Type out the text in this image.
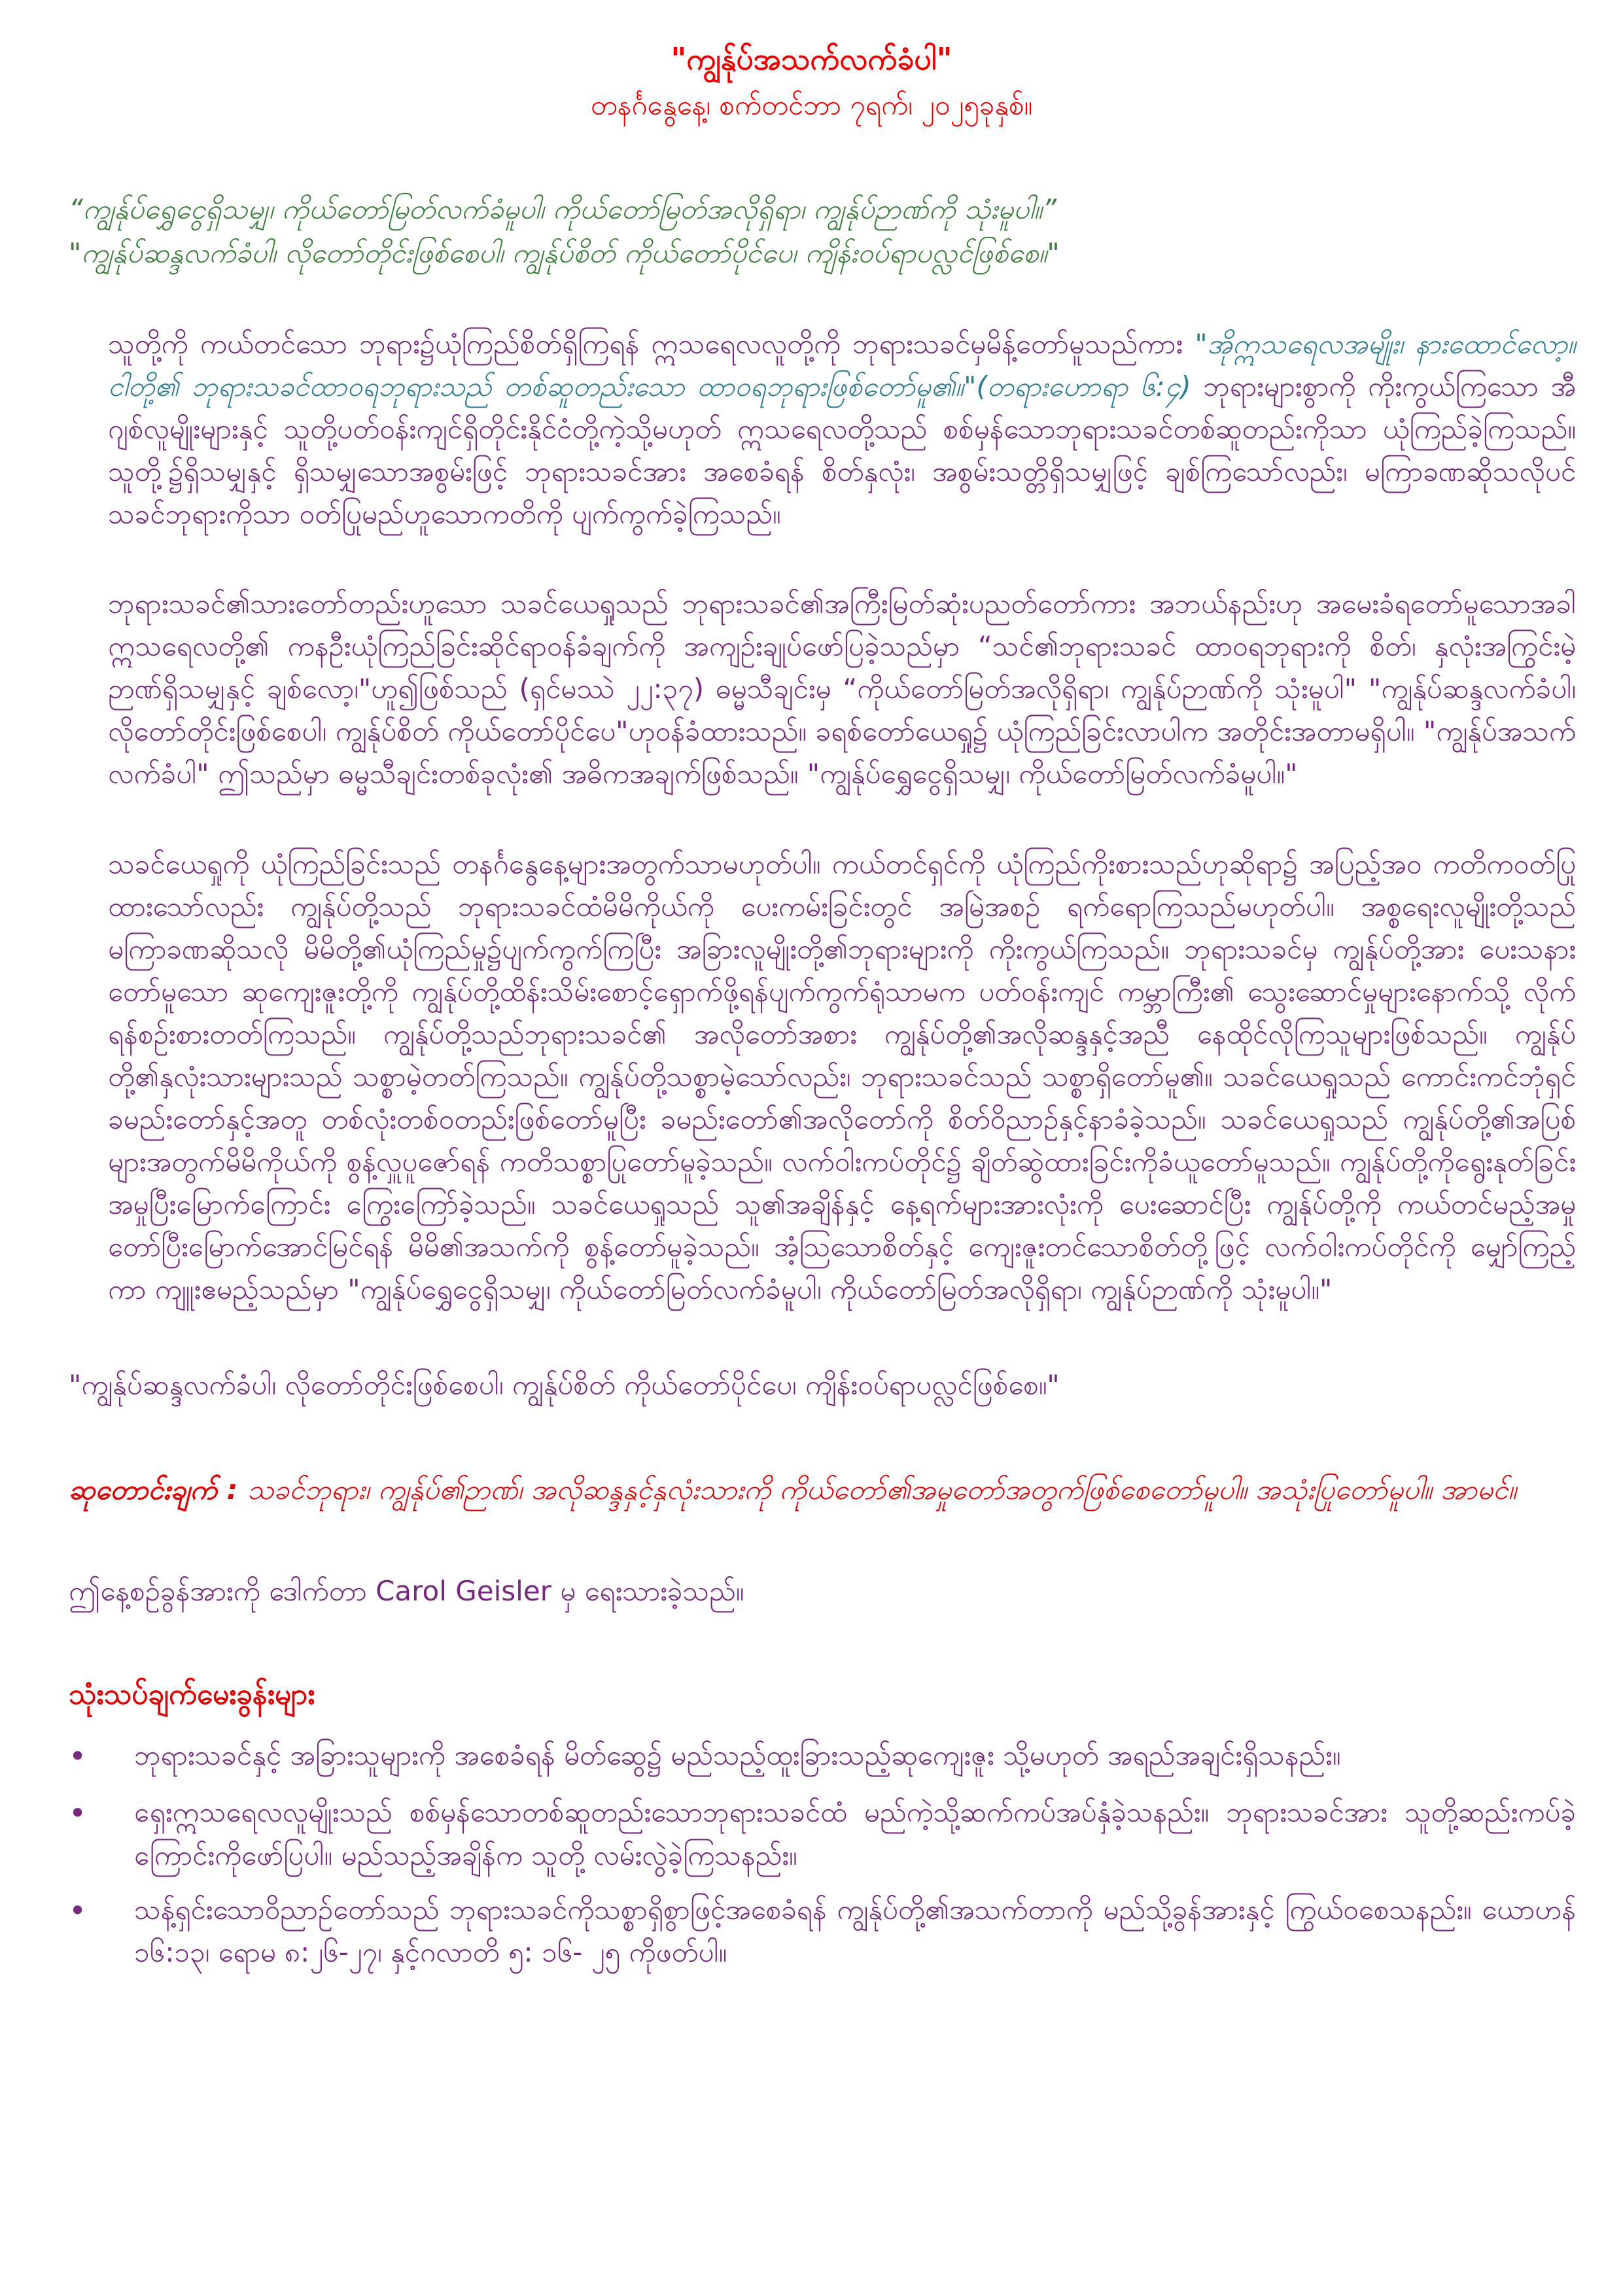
"ကျွန်ုပ်အသက်လက်ခံပါ"
တနင်္ဂနွေနေ့၊ စက်တင်ဘာ ၇ရက်၊ ၂၀၂၅ခုနှစ်။
“ကျွန်ုပ်ရွှေငွေရှိသမျှ၊ ကိုယ်တော်မြတ်လက်ခံမူပါ၊ ကိုယ်တော်မြတ်အလိုရှိရာ၊ ကျွန်ုပ်ဉာဏ်ကို သုံးမူပါ။”
"ကျွန်ုပ်ဆန္ဒလက်ခံပါ၊ လိုတော်တိုင်းဖြစ်စေပါ၊ ကျွန်ုပ်စိတ် ကိုယ်တော်ပိုင်ပေ၊ ကျိန်းဝပ်ရာပလ္လင်ဖြစ်စေ။"

သူတို့ကို ကယ်တင်သော ဘုရား၌ယုံကြည်စိတ်ရှိကြရန် ဣသရေလလူတို့ကို ဘုရားသခင်မှမိန့်တော်မူသည်ကား "အိုဣသရေလအမျိုး၊ နားထောင်လော့။ ငါတို့၏ ဘုရားသခင်ထာဝရဘုရားသည် တစ်ဆူတည်းသော ထာဝရဘုရားဖြစ်တော်မူ၏။"(တရားဟောရာ ၆:၄) ဘုရားများစွာကို ကိုးကွယ်ကြသော အီဂျစ်လူမျိုးများနှင့် သူတို့ပတ်ဝန်းကျင်ရှိတိုင်းနိုင်ငံတို့ကဲ့သို့မဟုတ် ဣသရေလတို့သည် စစ်မှန်သောဘုရားသခင်တစ်ဆူတည်းကိုသာ ယုံကြည်ခဲ့ကြသည်။ သူတို့၌ရှိသမျှနှင့် ရှိသမျှသောအစွမ်းဖြင့် ဘုရားသခင်အား အစေခံရန် စိတ်နှလုံး၊ အစွမ်းသတ္တိရှိသမျှဖြင့် ချစ်ကြသော်လည်း၊ မကြာခဏဆိုသလိုပင် သခင်ဘုရားကိုသာ ဝတ်ပြုမည်ဟူသောကတိကို ပျက်ကွက်ခဲ့ကြသည်။

ဘုရားသခင်၏သားတော်တည်းဟူသော သခင်ယေရှုသည် ဘုရားသခင်၏အကြီးမြတ်ဆုံးပညတ်တော်ကား အဘယ်နည်းဟု အမေးခံရတော်မူသောအခါဣသရေလတို့၏ ကနဦးယုံကြည်ခြင်းဆိုင်ရာဝန်ခံချက်ကို အကျဉ်းချုပ်ဖော်ပြခဲ့သည်မှာ “သင်၏ဘုရားသခင် ထာဝရဘုရားကို စိတ်၊ နှလုံးအကြွင်းမဲ့ ဉာဏ်ရှိသမျှနှင့် ချစ်လော့၊"ဟူ၍ဖြစ်သည် (ရှင်မဿဲ ၂၂:၃၇) ဓမ္မသီချင်းမှ “ကိုယ်တော်မြတ်အလိုရှိရာ၊ ကျွန်ုပ်ဉာဏ်ကို သုံးမူပါ" "ကျွန်ုပ်ဆန္ဒလက်ခံပါ၊ လိုတော်တိုင်းဖြစ်စေပါ၊ ကျွန်ုပ်စိတ် ကိုယ်တော်ပိုင်ပေ"ဟုဝန်ခံထားသည်။ ခရစ်တော်ယေရှု၌ ယုံကြည်ခြင်းလာပါက အတိုင်းအတာမရှိပါ။ "ကျွန်ုပ်အသက်လက်ခံပါ" ဤသည်မှာ ဓမ္မသီချင်းတစ်ခုလုံး၏ အဓိကအချက်ဖြစ်သည်။ "ကျွန်ုပ်ရွှေငွေရှိသမျှ၊ ကိုယ်တော်မြတ်လက်ခံမူပါ။"

သခင်ယေရှုကို ယုံကြည်ခြင်းသည် တနင်္ဂနွေနေ့များအတွက်သာမဟုတ်ပါ။ ကယ်တင်ရှင်ကို ယုံကြည်ကိုးစားသည်ဟုဆိုရာ၌ အပြည့်အဝ ကတိကဝတ်ပြုထားသော်လည်း ကျွန်ုပ်တို့သည် ဘုရားသခင်ထံမိမိကိုယ်ကို ပေးကမ်းခြင်းတွင် အမြဲအစဉ် ရက်ရောကြသည်မဟုတ်ပါ။ အစ္စရေးလူမျိုးတို့သည် မကြာခဏဆိုသလို မိမိတို့၏ယုံကြည်မှု၌ပျက်ကွက်ကြပြီး အခြားလူမျိုးတို့၏ဘုရားများကို ကိုးကွယ်ကြသည်။ ဘုရားသခင်မှ ကျွန်ုပ်တို့အား ပေးသနားတော်မူသော ဆုကျေးဇူးတို့ကို ကျွန်ုပ်တို့ထိန်းသိမ်းစောင့်ရှောက်ဖို့ရန်ပျက်ကွက်ရုံသာမက ပတ်ဝန်းကျင် ကမ္ဘာကြီး၏ သွေးဆောင်မှုများနောက်သို့ လိုက်ရန်စဉ်းစားတတ်ကြသည်။ ကျွန်ုပ်တို့သည်ဘုရားသခင်၏ အလိုတော်အစား ကျွန်ုပ်တို့၏အလိုဆန္ဒနှင့်အညီ နေထိုင်လိုကြသူများဖြစ်သည်။ ကျွန်ုပ်တို့၏နှလုံးသားများသည် သစ္စာမဲ့တတ်ကြသည်။ ကျွန်ုပ်တို့သစ္စာမဲ့သော်လည်း၊ ဘုရားသခင်သည် သစ္စာရှိတော်မူ၏။ သခင်ယေရှုသည် ကောင်းကင်ဘုံရှင်ခမည်းတော်နှင့်အတူ တစ်လုံးတစ်ဝတည်းဖြစ်တော်မူပြီး ခမည်းတော်၏အလိုတော်ကို စိတ်ဝိညာဉ်နှင့်နာခံခဲ့သည်။ သခင်ယေရှုသည် ကျွန်ုပ်တို့၏အပြစ်များအတွက်မိမိကိုယ်ကို စွန့်လှူပူဇော်ရန် ကတိသစ္စာပြုတော်မူခဲ့သည်။ လက်ဝါးကပ်တိုင်၌ ချိတ်ဆွဲထားခြင်းကိုခံယူတော်မူသည်။ ကျွန်ုပ်တို့ကိုရွေးနုတ်ခြင်းအမှုပြီးမြောက်ကြောင်း ကြွေးကြော်ခဲ့သည်။ သခင်ယေရှုသည် သူ၏အချိန်နှင့် နေ့ရက်များအားလုံးကို ပေးဆောင်ပြီး ကျွန်ုပ်တို့ကို ကယ်တင်မည့်အမှုတော်ပြီးမြောက်အောင်မြင်ရန် မိမိ၏အသက်ကို စွန့်တော်မူခဲ့သည်။ အံ့သြသောစိတ်နှင့် ကျေးဇူးတင်သောစိတ်တို့ဖြင့် လက်ဝါးကပ်တိုင်ကို မျှော်ကြည့်ကာ ကျူးဧမည့်သည်မှာ "ကျွန်ုပ်ရွှေငွေရှိသမျှ၊ ကိုယ်တော်မြတ်လက်ခံမူပါ၊ ကိုယ်တော်မြတ်အလိုရှိရာ၊ ကျွန်ုပ်ဉာဏ်ကို သုံးမူပါ။"

"ကျွန်ုပ်ဆန္ဒလက်ခံပါ၊ လိုတော်တိုင်းဖြစ်စေပါ၊ ကျွန်ုပ်စိတ် ကိုယ်တော်ပိုင်ပေ၊ ကျိန်းဝပ်ရာပလ္လင်ဖြစ်စေ။"

ဆုတောင်းချက် : သခင်ဘုရား၊ ကျွန်ုပ်၏ဉာဏ်၊ အလိုဆန္ဒနှင့်နှလုံးသားကို ကိုယ်တော်၏အမှုတော်အတွက်ဖြစ်စေတော်မူပါ။ အသုံးပြုတော်မူပါ။ အာမင်။

ဤနေ့စဉ်ခွန်အားကို ဒေါက်တာ Carol Geisler မှ ရေးသားခဲ့သည်။

သုံးသပ်ချက်မေးခွန်းများ
•	ဘုရားသခင်နှင့် အခြားသူများကို အစေခံရန် မိတ်ဆွေ၌ မည်သည့်ထူးခြားသည့်ဆုကျေးဇူး သို့မဟုတ် အရည်အချင်းရှိသနည်း။
•	ရှေးဣသရေလလူမျိုးသည် စစ်မှန်သောတစ်ဆူတည်းသောဘုရားသခင်ထံ မည်ကဲ့သို့ဆက်ကပ်အပ်နှံခဲ့သနည်း။ ဘုရားသခင်အား သူတို့ဆည်းကပ်ခဲ့ကြောင်းကိုဖော်ပြပါ။ မည်သည့်အချိန်က သူတို့ လမ်းလွဲခဲ့ကြသနည်း။
•	သန့်ရှင်းသောဝိညာဉ်တော်သည် ဘုရားသခင်ကိုသစ္စာရှိစွာဖြင့်အစေခံရန် ကျွန်ုပ်တို့၏အသက်တာကို မည်သို့ခွန်အားနှင့် ကြွယ်ဝစေသနည်း။ ယောဟန် ၁၆:၁၃၊ ရောမ ၈:၂၆-၂၇၊ နှင့်ဂလာတိ ၅: ၁၆- ၂၅ ကိုဖတ်ပါ။
